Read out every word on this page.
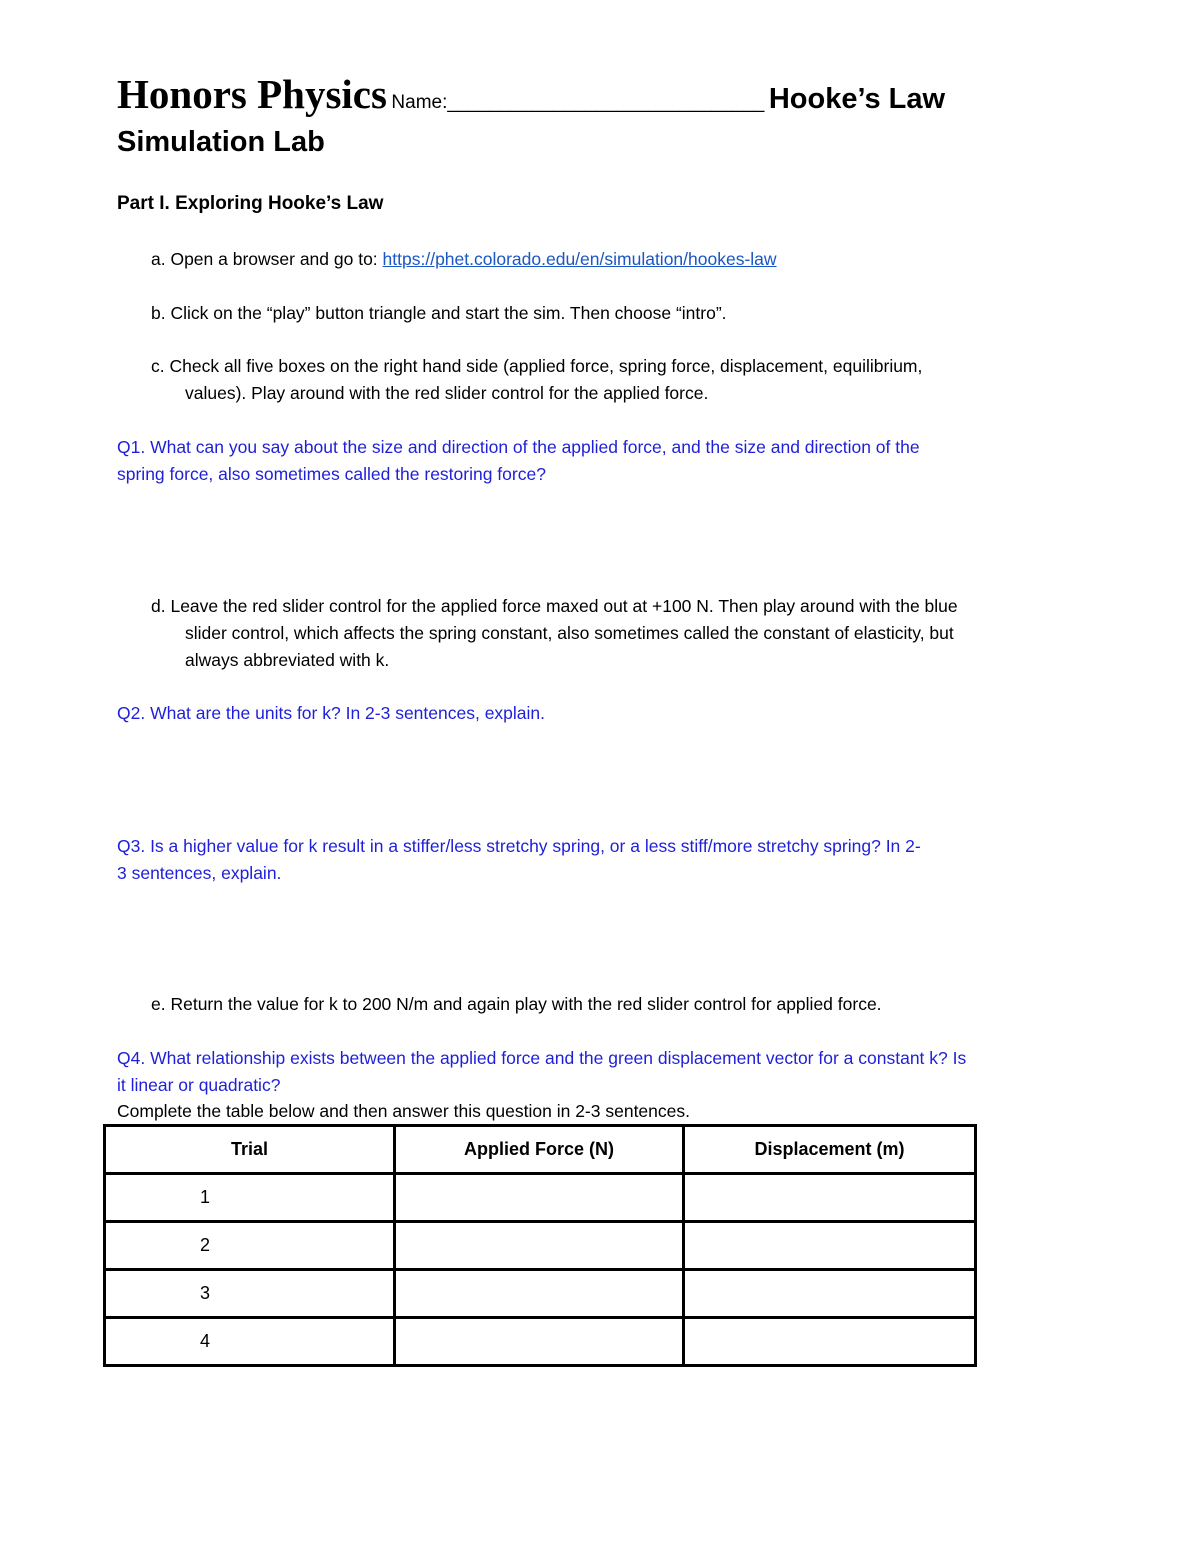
Honors Physics Name:______________________________ Hooke’s Law
Simulation Lab
Part I. Exploring Hooke’s Law
a. Open a browser and go to: https://phet.colorado.edu/en/simulation/hookes-law
b. Click on the “play” button triangle and start the sim. Then choose “intro”.
c. Check all five boxes on the right hand side (applied force, spring force, displacement, equilibrium,
values). Play around with the red slider control for the applied force.
Q1. What can you say about the size and direction of the applied force, and the size and direction of the
spring force, also sometimes called the restoring force?
d. Leave the red slider control for the applied force maxed out at +100 N. Then play around with the blue
slider control, which affects the spring constant, also sometimes called the constant of elasticity, but
always abbreviated with k.
Q2. What are the units for k? In 2-3 sentences, explain.
Q3. Is a higher value for k result in a stiffer/less stretchy spring, or a less stiff/more stretchy spring? In 2-
3 sentences, explain.
e. Return the value for k to 200 N/m and again play with the red slider control for applied force.
Q4. What relationship exists between the applied force and the green displacement vector for a constant k? Is
it linear or quadratic?
Complete the table below and then answer this question in 2-3 sentences.
Trial	Applied Force (N)	Displacement (m)
1		
2		
3		
4		
